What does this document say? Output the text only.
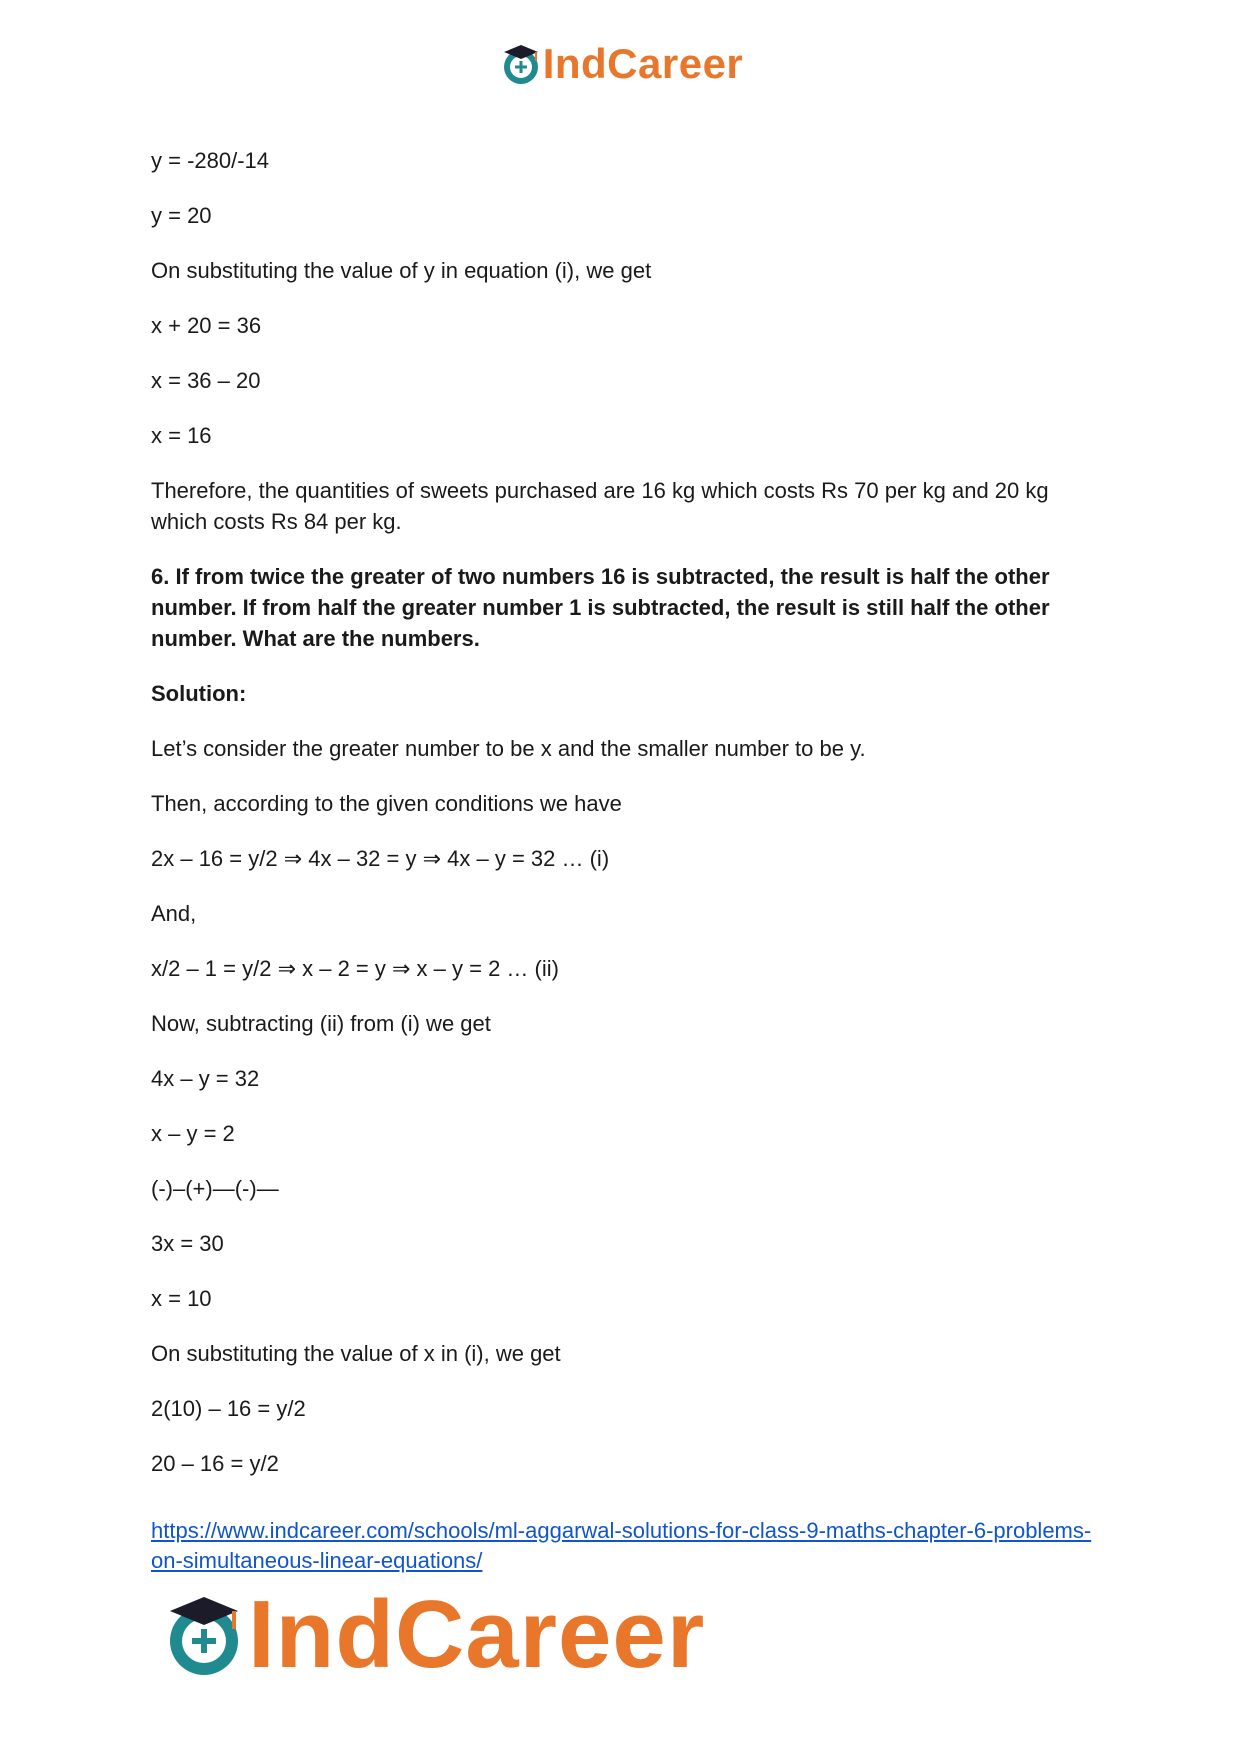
IndCareer

y = -280/-14

y = 20

On substituting the value of y in equation (i), we get

x + 20 = 36

x = 36 – 20

x = 16

Therefore, the quantities of sweets purchased are 16 kg which costs Rs 70 per kg and 20 kg which costs Rs 84 per kg.

6. If from twice the greater of two numbers 16 is subtracted, the result is half the other number. If from half the greater number 1 is subtracted, the result is still half the other number. What are the numbers.

Solution:

Let’s consider the greater number to be x and the smaller number to be y.

Then, according to the given conditions we have

2x – 16 = y/2 ⇒ 4x – 32 = y ⇒ 4x – y = 32 … (i)

And,

x/2 – 1 = y/2 ⇒ x – 2 = y ⇒ x – y = 2 … (ii)

Now, subtracting (ii) from (i) we get

4x – y = 32

x – y = 2

(-)–(+)—(-)—

3x = 30

x = 10

On substituting the value of x in (i), we get

2(10) – 16 = y/2

20 – 16 = y/2

https://www.indcareer.com/schools/ml-aggarwal-solutions-for-class-9-maths-chapter-6-problems-on-simultaneous-linear-equations/
IndCareer
